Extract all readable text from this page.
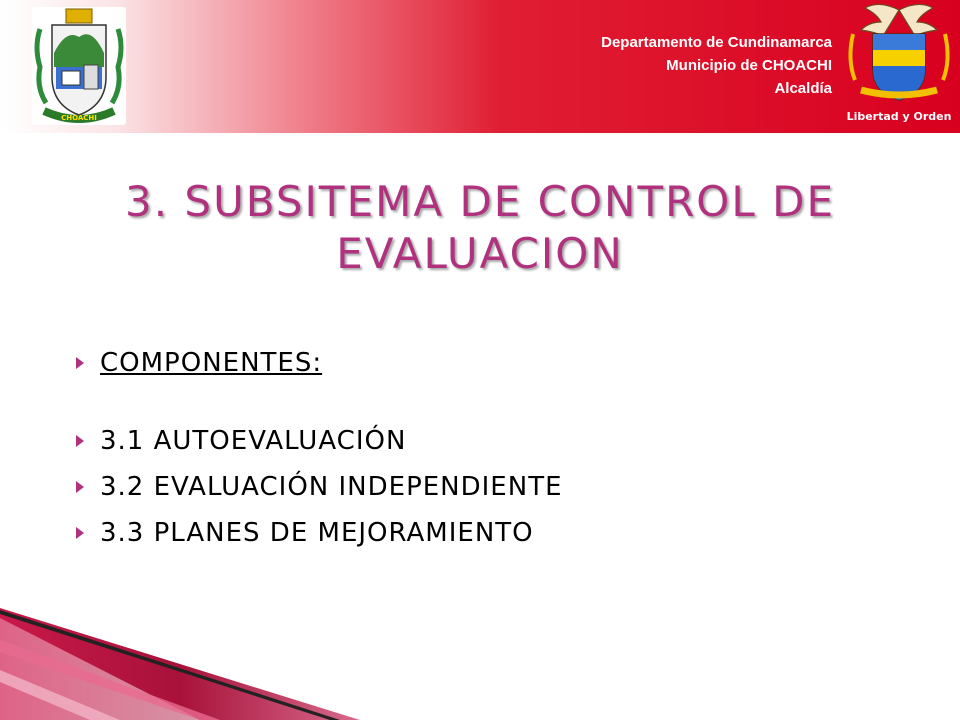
CHOACHI
Departamento de Cundinamarca
Municipio de CHOACHI
Alcaldía
Libertad y Orden
3. SUBSITEMA DE CONTROL DE
EVALUACION
COMPONENTES:
3.1 AUTOEVALUACIÓN
3.2 EVALUACIÓN INDEPENDIENTE
3.3 PLANES DE MEJORAMIENTO
